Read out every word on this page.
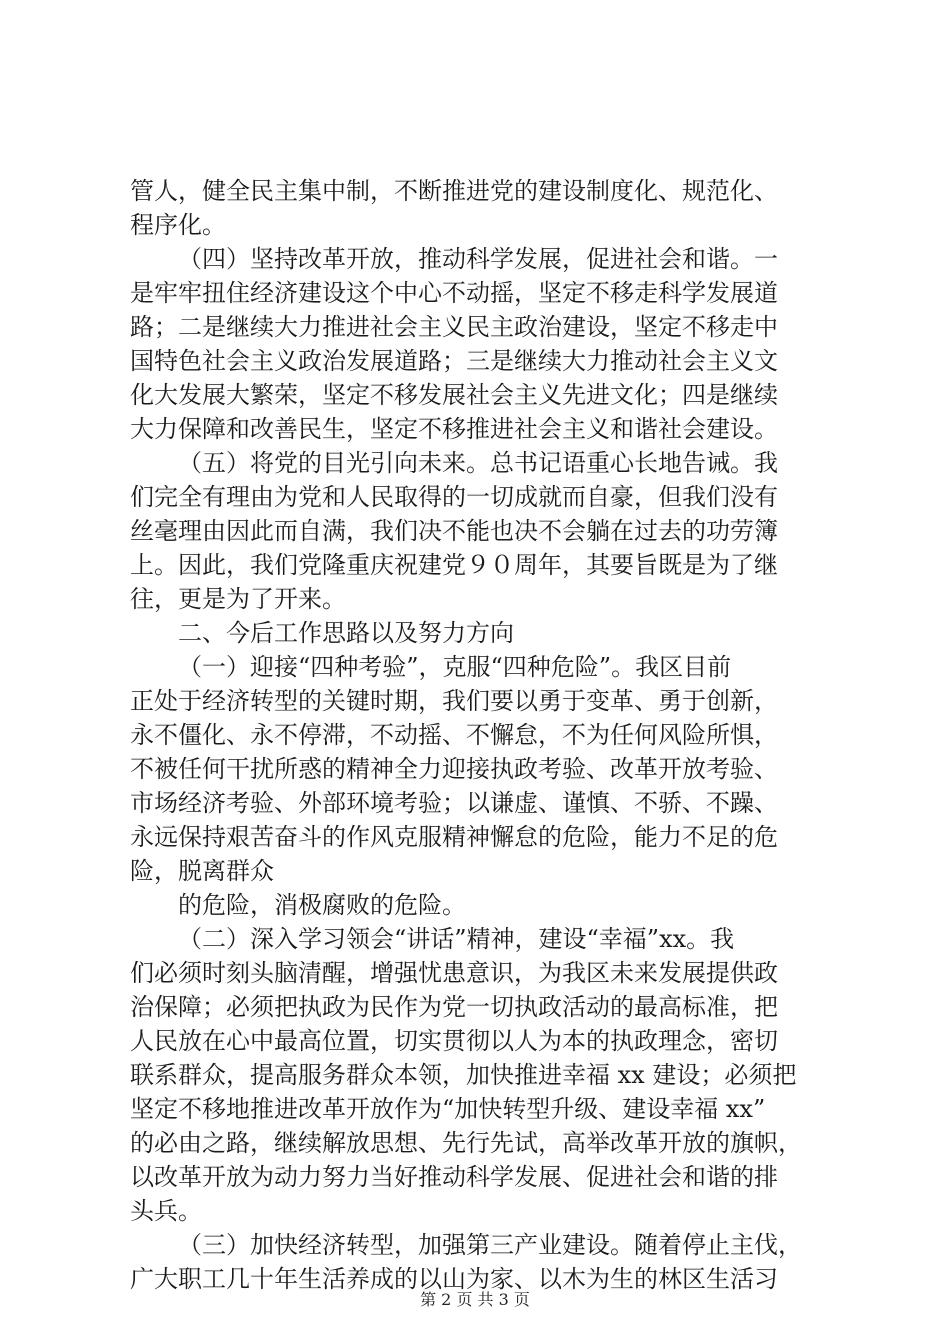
管人，健全民主集中制，不断推进党的建设制度化、规范化、
程序化。
（四）坚持改革开放，推动科学发展，促进社会和谐。一
是牢牢扭住经济建设这个中心不动摇，坚定不移走科学发展道
路；二是继续大力推进社会主义民主政治建设，坚定不移走中
国特色社会主义政治发展道路；三是继续大力推动社会主义文
化大发展大繁荣，坚定不移发展社会主义先进文化；四是继续
大力保障和改善民生，坚定不移推进社会主义和谐社会建设。
（五）将党的目光引向未来。总书记语重心长地告诫。我
们完全有理由为党和人民取得的一切成就而自豪，但我们没有
丝毫理由因此而自满，我们决不能也决不会躺在过去的功劳簿
上。因此，我们党隆重庆祝建党９０周年，其要旨既是为了继
往，更是为了开来。
二、今后工作思路以及努力方向
（一）迎接“四种考验”，克服“四种危险”。我区目前
正处于经济转型的关键时期，我们要以勇于变革、勇于创新，
永不僵化、永不停滞，不动摇、不懈怠，不为任何风险所惧，
不被任何干扰所惑的精神全力迎接执政考验、改革开放考验、
市场经济考验、外部环境考验；以谦虚、谨慎、不骄、不躁、
永远保持艰苦奋斗的作风克服精神懈怠的危险，能力不足的危
险，脱离群众
的危险，消极腐败的危险。
（二）深入学习领会“讲话”精神，建设“幸福”xx。我
们必须时刻头脑清醒，增强忧患意识，为我区未来发展提供政
治保障；必须把执政为民作为党一切执政活动的最高标准，把
人民放在心中最高位置，切实贯彻以人为本的执政理念，密切
联系群众，提高服务群众本领，加快推进幸福 xx 建设；必须把
坚定不移地推进改革开放作为“加快转型升级、建设幸福 xx”
的必由之路，继续解放思想、先行先试，高举改革开放的旗帜，
以改革开放为动力努力当好推动科学发展、促进社会和谐的排
头兵。
（三）加快经济转型，加强第三产业建设。随着停止主伐，
广大职工几十年生活养成的以山为家、以木为生的林区生活习
第 2 页 共 3 页
